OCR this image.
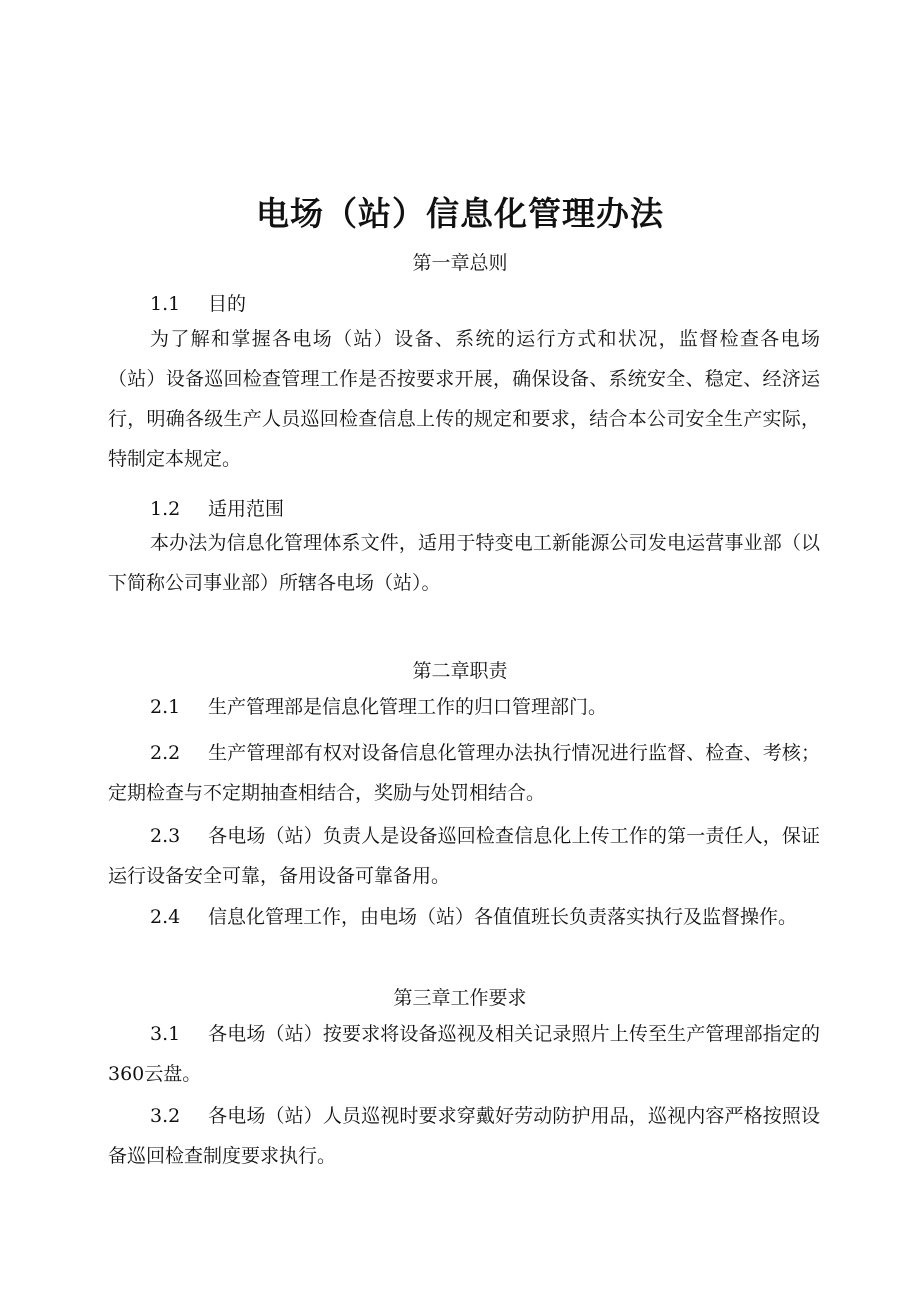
电场（站）信息化管理办法
第一章总则
1.1 目的
为了解和掌握各电场（站）设备、系统的运行方式和状况，监督检查各电场（站）设备巡回检查管理工作是否按要求开展，确保设备、系统安全、稳定、经济运行，明确各级生产人员巡回检查信息上传的规定和要求，结合本公司安全生产实际，特制定本规定。
1.2 适用范围
本办法为信息化管理体系文件，适用于特变电工新能源公司发电运营事业部（以下简称公司事业部）所辖各电场（站）。
第二章职责
2.1 生产管理部是信息化管理工作的归口管理部门。
2.2 生产管理部有权对设备信息化管理办法执行情况进行监督、检查、考核；定期检查与不定期抽查相结合，奖励与处罚相结合。
2.3 各电场（站）负责人是设备巡回检查信息化上传工作的第一责任人，保证运行设备安全可靠，备用设备可靠备用。
2.4 信息化管理工作，由电场（站）各值值班长负责落实执行及监督操作。
第三章工作要求
3.1 各电场（站）按要求将设备巡视及相关记录照片上传至生产管理部指定的360云盘。
3.2 各电场（站）人员巡视时要求穿戴好劳动防护用品，巡视内容严格按照设备巡回检查制度要求执行。
